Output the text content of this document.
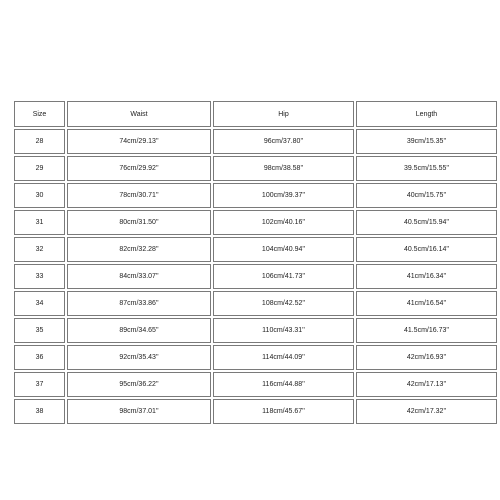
Size	Waist	Hip	Length
28	74cm/29.13''	96cm/37.80''	39cm/15.35''
29	76cm/29.92''	98cm/38.58''	39.5cm/15.55''
30	78cm/30.71''	100cm/39.37''	40cm/15.75''
31	80cm/31.50''	102cm/40.16''	40.5cm/15.94''
32	82cm/32.28''	104cm/40.94''	40.5cm/16.14''
33	84cm/33.07''	106cm/41.73''	41cm/16.34''
34	87cm/33.86''	108cm/42.52''	41cm/16.54''
35	89cm/34.65''	110cm/43.31''	41.5cm/16.73''
36	92cm/35.43''	114cm/44.09''	42cm/16.93''
37	95cm/36.22''	116cm/44.88''	42cm/17.13''
38	98cm/37.01''	118cm/45.67''	42cm/17.32''
